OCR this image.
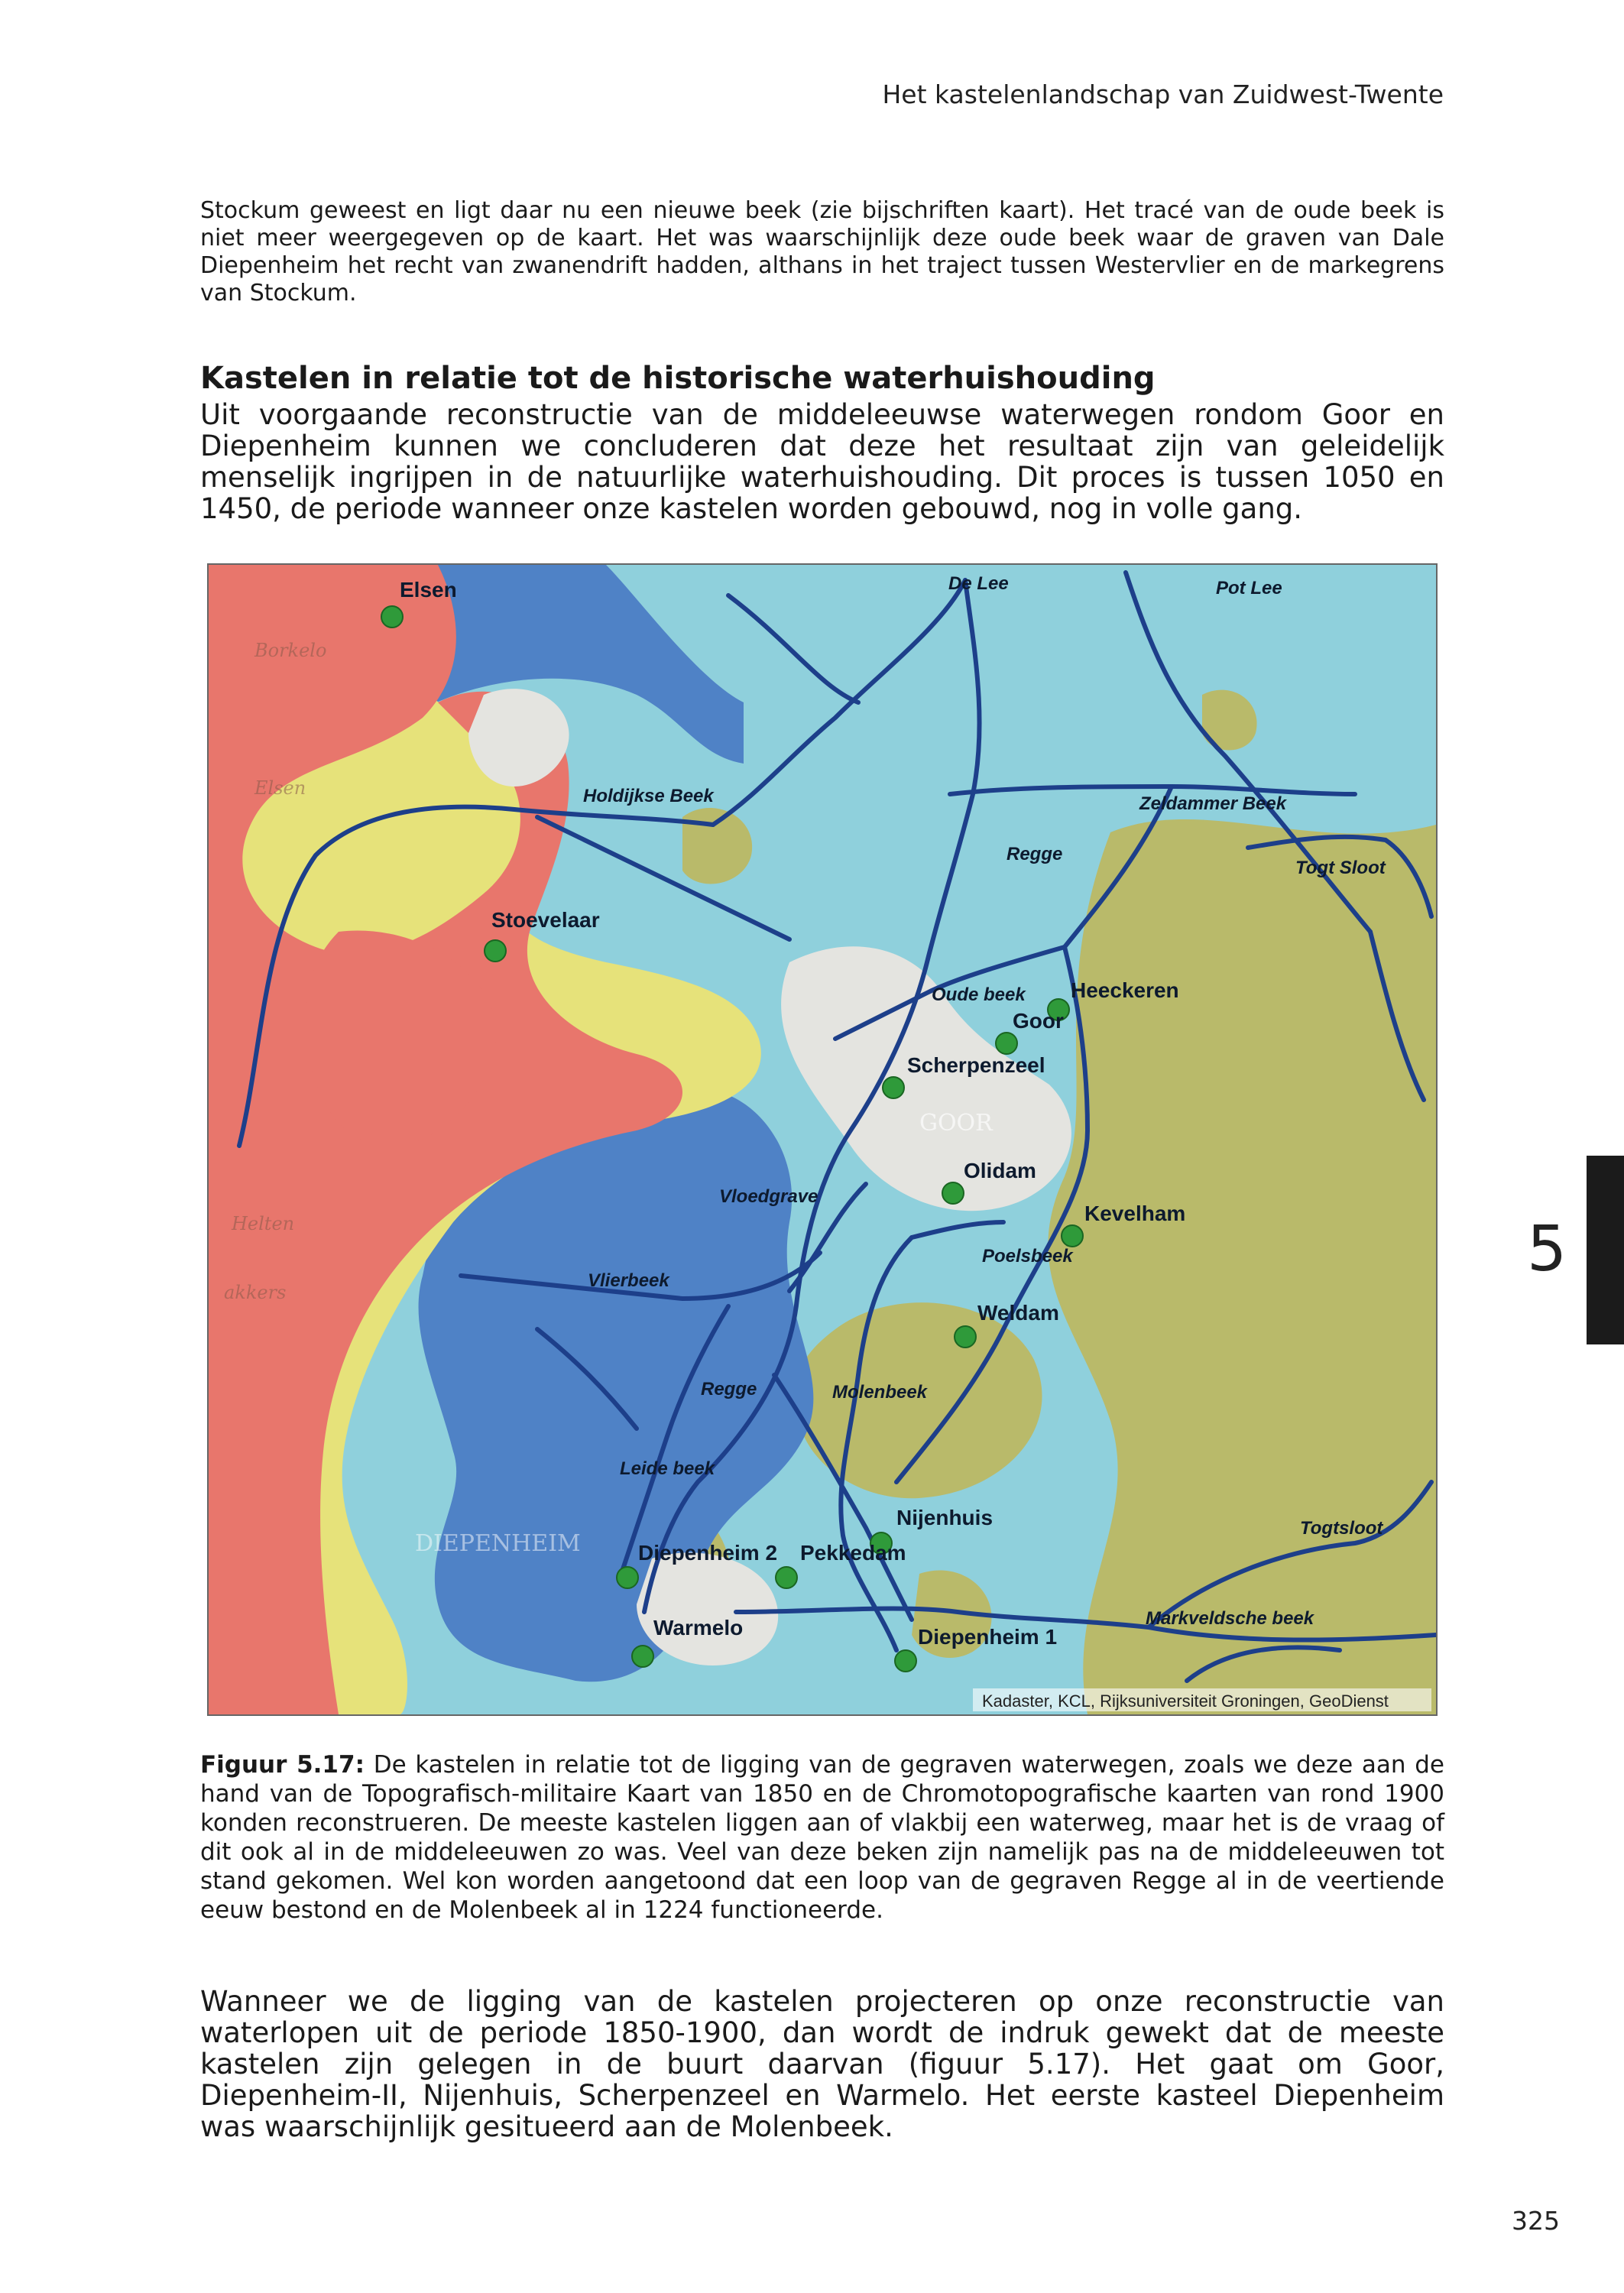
Het kastelenlandschap van Zuidwest-Twente

Stockum geweest en ligt daar nu een nieuwe beek (zie bijschriften kaart). Het tracé van de oude beek is niet meer weergegeven op de kaart. Het was waarschijnlijk deze oude beek waar de graven van Dale Diepenheim het recht van zwanendrift hadden, althans in het traject tussen Westervlier en de markegrens van Stockum.

Kastelen in relatie tot de historische waterhuishouding

Uit voorgaande reconstructie van de middeleeuwse waterwegen rondom Goor en Diepenheim kunnen we concluderen dat deze het resultaat zijn van geleidelijk menselijk ingrijpen in de natuurlijke waterhuishouding. Dit proces is tussen 1050 en 1450, de periode wanneer onze kastelen worden gebouwd, nog in volle gang.

Borkelo
Elsen
Helten
akkers
GOOR
DIEPENHEIM
De Lee	Pot Lee
Holdijkse Beek	Zeldammer Beek
Regge
Togt Sloot
Oude beek
Vloedgrave
Poelsbeek
Vlierbeek
Regge	Molenbeek
Leide beek
Togtsloot
Markveldsche beek
Elsen
Stoevelaar
Heeckeren
Goor
Scherpenzeel
Olidam
Kevelham
Weldam
Nijenhuis
Diepenheim 2 Pekkedam
Warmelo	Diepenheim 1
Kadaster, KCL, Rijksuniversiteit Groningen, GeoDienst

Figuur 5.17: De kastelen in relatie tot de ligging van de gegraven waterwegen, zoals we deze aan de hand van de Topografisch-militaire Kaart van 1850 en de Chromotopografische kaarten van rond 1900 konden reconstrueren. De meeste kastelen liggen aan of vlakbij een waterweg, maar het is de vraag of dit ook al in de middeleeuwen zo was. Veel van deze beken zijn namelijk pas na de middeleeuwen tot stand gekomen. Wel kon worden aangetoond dat een loop van de gegraven Regge al in de veertiende eeuw bestond en de Molenbeek al in 1224 functioneerde.

Wanneer we de ligging van de kastelen projecteren op onze reconstructie van waterlopen uit de periode 1850-1900, dan wordt de indruk gewekt dat de meeste kastelen zijn gelegen in de buurt daarvan (figuur 5.17). Het gaat om Goor, Diepenheim-II, Nijenhuis, Scherpenzeel en Warmelo. Het eerste kasteel Diepenheim was waarschijnlijk gesitueerd aan de Molenbeek.

5
325
